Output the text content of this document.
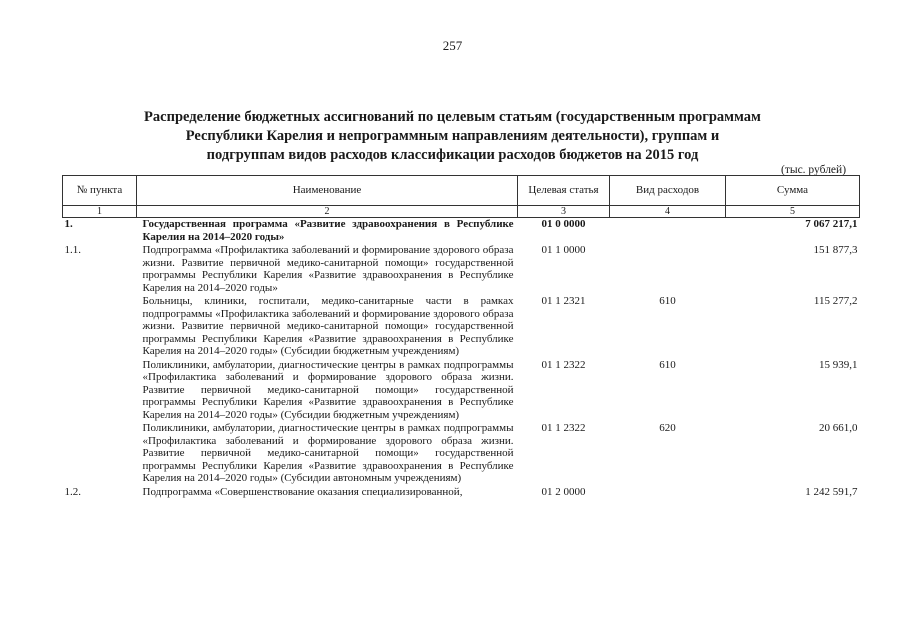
257
Распределение бюджетных ассигнований по целевым статьям (государственным программам
Республики Карелия и непрограммным направлениям деятельности), группам и
подгруппам видов расходов классификации расходов бюджетов на 2015 год
(тыс. рублей)
№ пункта	Наименование	Целевая статья	Вид расходов	Сумма
1	2	3	4	5
1.	Государственная программа «Развитие здравоохранения в Республике Карелия на 2014–2020 годы»	01 0 0000		7 067 217,1
1.1.	Подпрограмма «Профилактика заболеваний и формирование здорового образа жизни. Развитие первичной медико-санитарной помощи» государственной программы Республики Карелия «Развитие здравоохранения в Республике Карелия на 2014–2020 годы»	01 1 0000		151 877,3
	Больницы, клиники, госпитали, медико-санитарные части в рамках подпрограммы «Профилактика заболеваний и формирование здорового образа жизни. Развитие первичной медико-санитарной помощи» государственной программы Республики Карелия «Развитие здравоохранения в Республике Карелия на 2014–2020 годы» (Субсидии бюджетным учреждениям)	01 1 2321	610	115 277,2
	Поликлиники, амбулатории, диагностические центры в рамках подпрограммы «Профилактика заболеваний и формирование здорового образа жизни. Развитие первичной медико-санитарной помощи» государственной программы Республики Карелия «Развитие здравоохранения в Республике Карелия на 2014–2020 годы» (Субсидии бюджетным учреждениям)	01 1 2322	610	15 939,1
	Поликлиники, амбулатории, диагностические центры в рамках подпрограммы «Профилактика заболеваний и формирование здорового образа жизни. Развитие первичной медико-санитарной помощи» государственной программы Республики Карелия «Развитие здравоохранения в Республике Карелия на 2014–2020 годы» (Субсидии автономным учреждениям)	01 1 2322	620	20 661,0
1.2.	Подпрограмма «Совершенствование оказания специализированной,	01 2 0000		1 242 591,7
